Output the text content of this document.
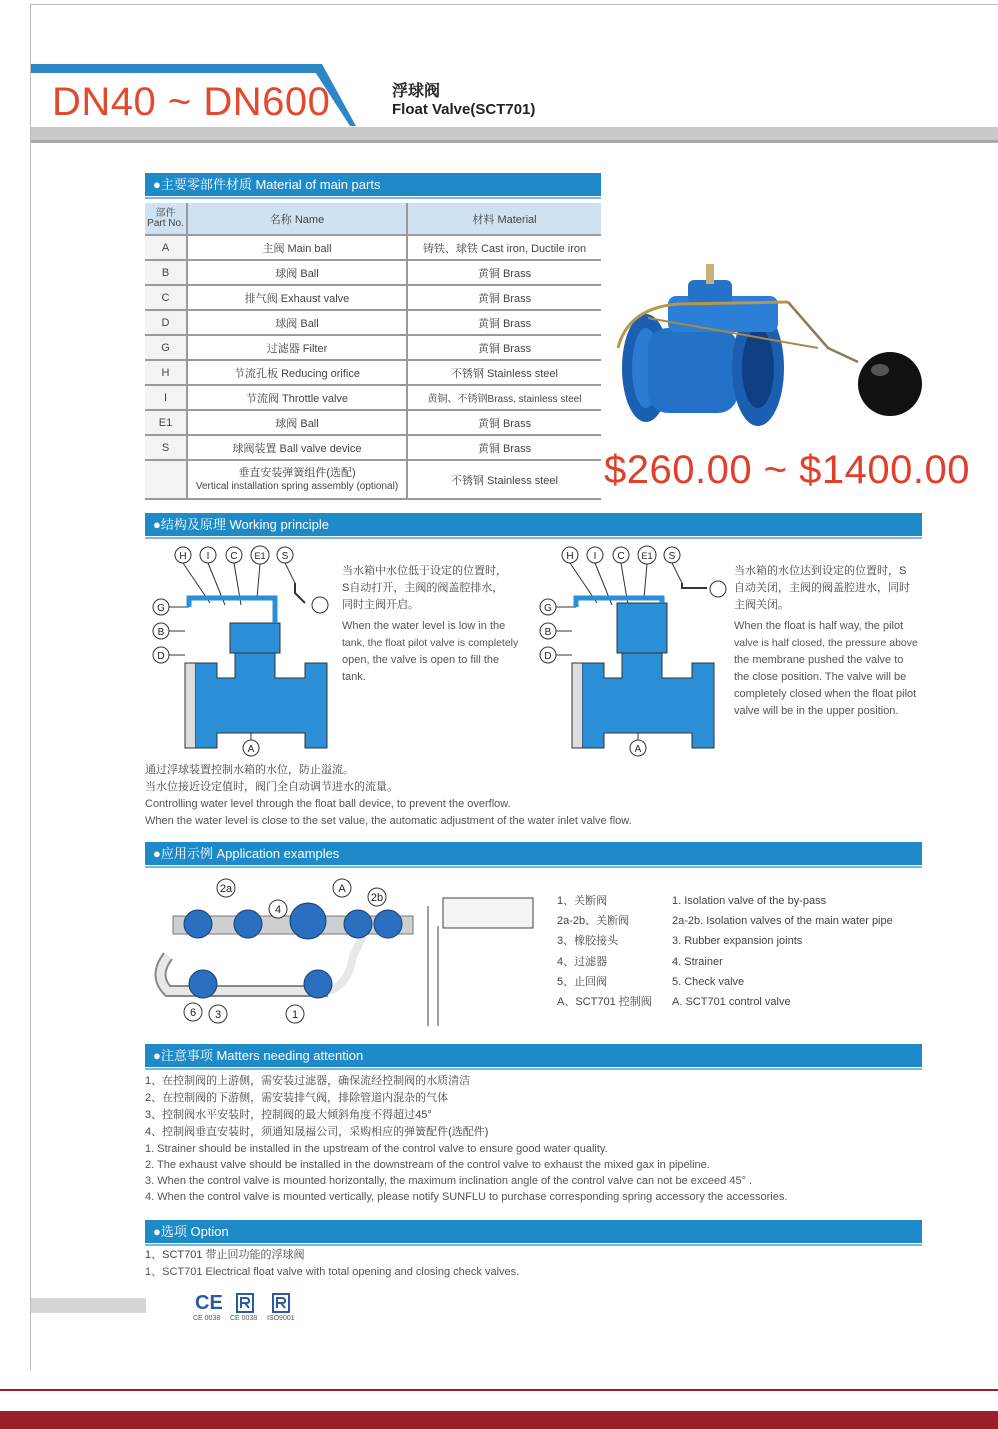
DN40 ~ DN600	浮球阀
Float Valve(SCT701)
●主要零部件材质 Material of main parts
部件
Part No.	名称 Name	材料 Material
A	主阀 Main ball	铸铁、球铁 Cast iron, Ductile iron
B	球阀 Ball	黄铜 Brass
C	排气阀 Exhaust valve	黄铜 Brass
D	球阀 Ball	黄铜 Brass
G	过滤器 Filter	黄铜 Brass
H	节流孔板 Reducing orifice	不锈钢 Stainless steel
I	节流阀 Throttle valve	黄铜、不锈钢Brass, stainless steel
E1	球阀 Ball	黄铜 Brass
S	球阀装置 Ball valve device	黄铜 Brass
	垂直安装弹簧组件(选配)
Vertical installation spring assembly (optional)	不锈钢 Stainless steel $260.00 ~ $1400.00
●结构及原理 Working principle
H I C E1 S
G
B
D
A
当水箱中水位低于设定的位置时，
S自动打开，主阀的阀盖腔排水，
同时主阀开启。
When the water level is low in the
tank, the float pilot valve is completely
open, the valve is open to fill the
tank.
H I C E1 S
G
B
D
A
当水箱的水位达到设定的位置时，S
自动关闭，主阀的阀盖腔进水，同时
主阀关闭。
When the float is half way, the pilot
valve is half closed, the pressure above
the membrane pushed the valve to
the close position. The valve will be
completely closed when the float pilot
valve will be in the upper position.
通过浮球装置控制水箱的水位，防止溢流。
当水位接近设定值时，阀门全自动调节进水的流量。
Controlling water level through the float ball device, to prevent the overflow.
When the water level is close to the set value, the automatic adjustment of the water inlet valve flow.
●应用示例 Application examples
2a	A
2b
4
6 3	1
1、关断阀
2a-2b、关断阀
3、橡胶接头
4、过滤器
5、止回阀
A、SCT701 控制阀
1. Isolation valve of the by-pass
2a-2b. Isolation valves of the main water pipe
3. Rubber expansion joints
4. Strainer
5. Check valve
A. SCT701 control valve
●注意事项 Matters needing attention
1、在控制阀的上游侧，需安装过滤器，确保流经控制阀的水质清洁
2、在控制阀的下游侧，需安装排气阀，排除管道内混杂的气体
3、控制阀水平安装时，控制阀的最大倾斜角度不得超过45°
4、控制阀垂直安装时，须通知晟福公司，采购相应的弹簧配件(选配件)
1. Strainer should be installed in the upstream of the control valve to ensure good water quality.
2. The exhaust valve should be installed in the downstream of the control valve to exhaust the mixed gax in pipeline.
3. When the control valve is mounted horizontally, the maximum inclination angle of the control valve can not be exceed 45° .
4. When the control valve is mounted vertically, please notify SUNFLU to purchase corresponding spring accessory the accessories.
●选项 Option
1、SCT701 带止回功能的浮球阀
1、SCT701 Electrical float valve with total opening and closing check valves.
CE
CE 0038 CE 0038 ISO9001
